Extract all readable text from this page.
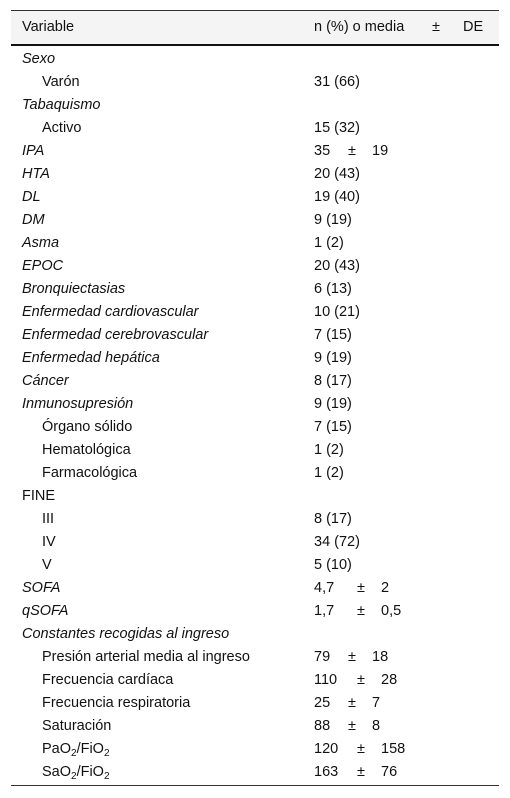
Variable	n (%) o media ± DE
Sexo
Varón	31 (66)
Tabaquismo
Activo	15 (32)
IPA	35 ± 19
HTA	20 (43)
DL	19 (40)
DM	9 (19)
Asma	1 (2)
EPOC	20 (43)
Bronquiectasias	6 (13)
Enfermedad cardiovascular	10 (21)
Enfermedad cerebrovascular	7 (15)
Enfermedad hepática	9 (19)
Cáncer	8 (17)
Inmunosupresión	9 (19)
Órgano sólido	7 (15)
Hematológica	1 (2)
Farmacológica	1 (2)
FINE
III	8 (17)
IV	34 (72)
V	5 (10)
SOFA	4,7 ± 2
qSOFA	1,7 ± 0,5
Constantes recogidas al ingreso
Presión arterial media al ingreso	79 ± 18
Frecuencia cardíaca	110 ± 28
Frecuencia respiratoria	25 ± 7
Saturación	88 ± 8
PaO$_2$/FiO$_2$	120 ± 158
SaO$_2$/FiO$_2$	163 ± 76
